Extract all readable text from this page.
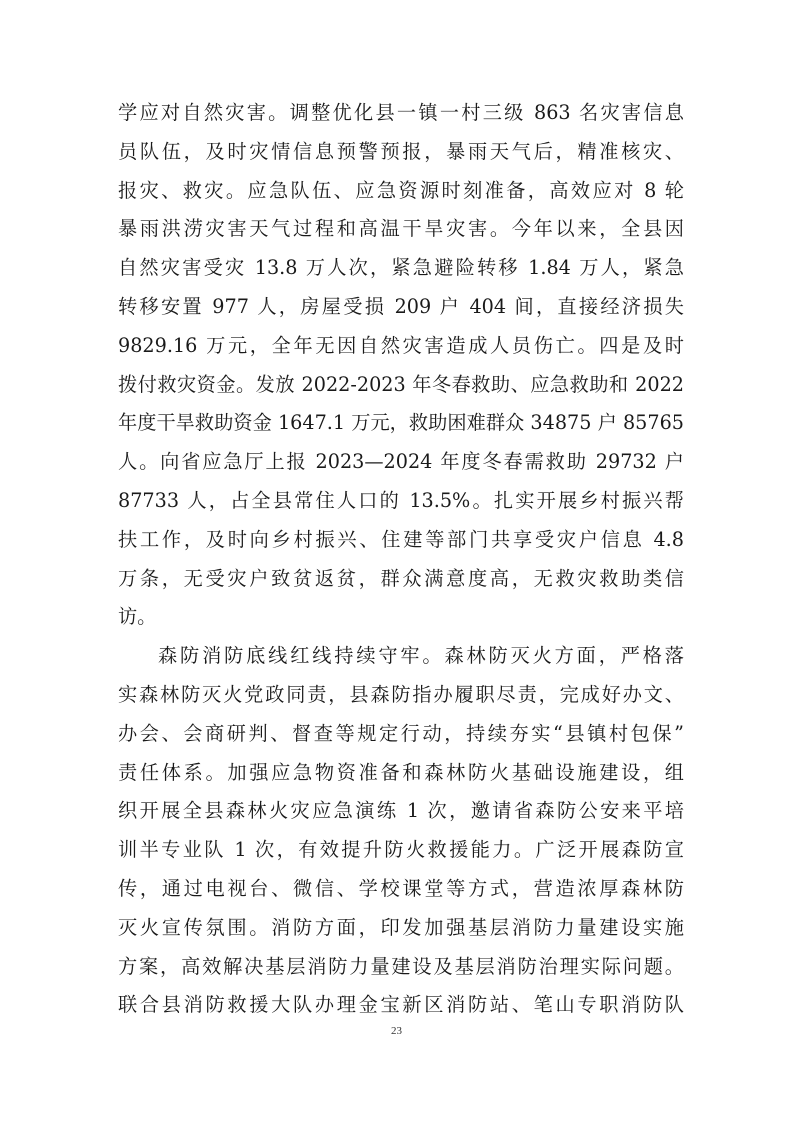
学应对自然灾害。调整优化县一镇一村三级 863 名灾害信息
员队伍，及时灾情信息预警预报，暴雨天气后，精准核灾、
报灾、救灾。应急队伍、应急资源时刻准备，高效应对 8 轮
暴雨洪涝灾害天气过程和高温干旱灾害。今年以来，全县因
自然灾害受灾 13.8 万人次，紧急避险转移 1.84 万人，紧急
转移安置 977 人，房屋受损 209 户 404 间，直接经济损失
9829.16 万元，全年无因自然灾害造成人员伤亡。四是及时
拨付救灾资金。发放 2022-2023 年冬春救助、应急救助和 2022
年度干旱救助资金 1647.1 万元，救助困难群众 34875 户 85765
人。向省应急厅上报 2023—2024 年度冬春需救助 29732 户
87733 人，占全县常住人口的 13.5%。扎实开展乡村振兴帮
扶工作，及时向乡村振兴、住建等部门共享受灾户信息 4.8
万条，无受灾户致贫返贫，群众满意度高，无救灾救助类信
访。
森防消防底线红线持续守牢。森林防灭火方面，严格落
实森林防灭火党政同责，县森防指办履职尽责，完成好办文、
办会、会商研判、督查等规定行动，持续夯实“县镇村包保”
责任体系。加强应急物资准备和森林防火基础设施建设，组
织开展全县森林火灾应急演练 1 次，邀请省森防公安来平培
训半专业队 1 次，有效提升防火救援能力。广泛开展森防宣
传，通过电视台、微信、学校课堂等方式，营造浓厚森林防
灭火宣传氛围。消防方面，印发加强基层消防力量建设实施
方案，高效解决基层消防力量建设及基层消防治理实际问题。
联合县消防救援大队办理金宝新区消防站、笔山专职消防队
23
